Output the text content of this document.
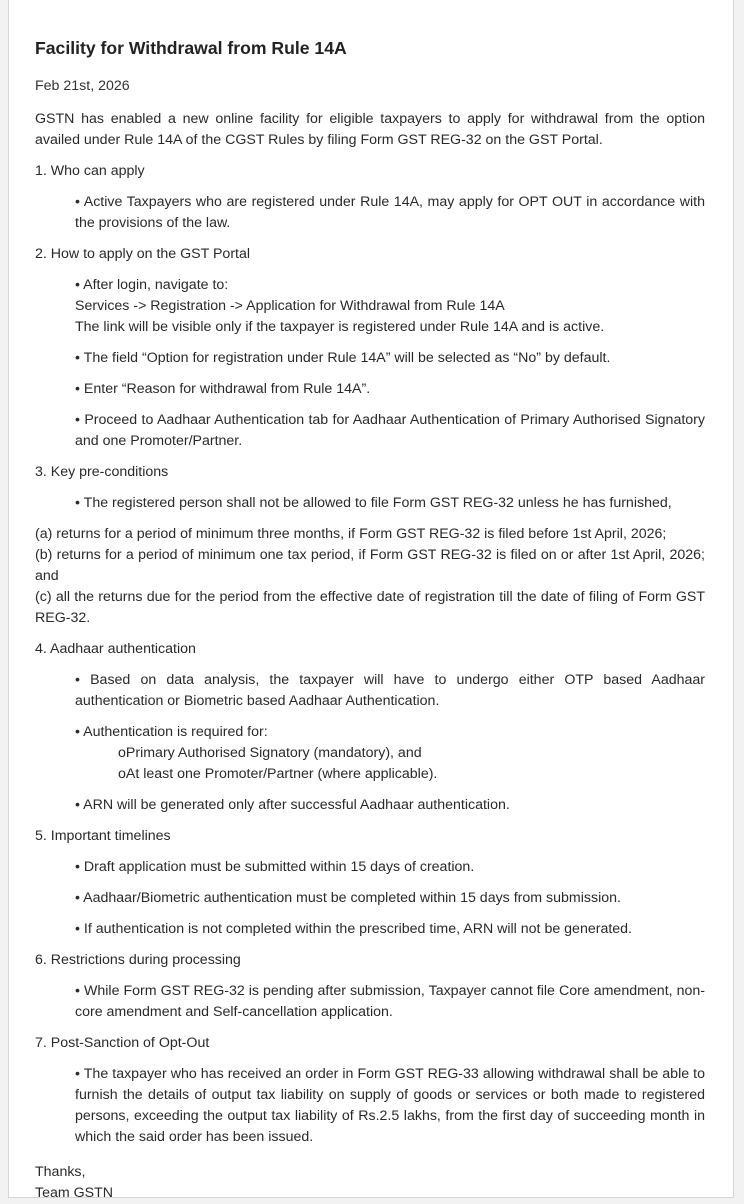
Facility for Withdrawal from Rule 14A

Feb 21st, 2026

GSTN has enabled a new online facility for eligible taxpayers to apply for withdrawal from the option availed under Rule 14A of the CGST Rules by filing Form GST REG-32 on the GST Portal.

1. Who can apply

• Active Taxpayers who are registered under Rule 14A, may apply for OPT OUT in accordance with the provisions of the law.

2. How to apply on the GST Portal

• After login, navigate to:
Services -> Registration -> Application for Withdrawal from Rule 14A
The link will be visible only if the taxpayer is registered under Rule 14A and is active.

• The field “Option for registration under Rule 14A” will be selected as “No” by default.

• Enter “Reason for withdrawal from Rule 14A”.

• Proceed to Aadhaar Authentication tab for Aadhaar Authentication of Primary Authorised Signatory and one Promoter/Partner.

3. Key pre-conditions

• The registered person shall not be allowed to file Form GST REG-32 unless he has furnished,

(a) returns for a period of minimum three months, if Form GST REG-32 is filed before 1st April, 2026;

(b) returns for a period of minimum one tax period, if Form GST REG-32 is filed on or after 1st April, 2026; and

(c) all the returns due for the period from the effective date of registration till the date of filing of Form GST REG-32.

4. Aadhaar authentication

• Based on data analysis, the taxpayer will have to undergo either OTP based Aadhaar authentication or Biometric based Aadhaar Authentication.

• Authentication is required for:
oPrimary Authorised Signatory (mandatory), and
oAt least one Promoter/Partner (where applicable).

• ARN will be generated only after successful Aadhaar authentication.

5. Important timelines

• Draft application must be submitted within 15 days of creation.

• Aadhaar/Biometric authentication must be completed within 15 days from submission.

• If authentication is not completed within the prescribed time, ARN will not be generated.

6. Restrictions during processing

• While Form GST REG-32 is pending after submission, Taxpayer cannot file Core amendment, non-core amendment and Self-cancellation application.

7. Post-Sanction of Opt-Out

• The taxpayer who has received an order in Form GST REG-33 allowing withdrawal shall be able to furnish the details of output tax liability on supply of goods or services or both made to registered persons, exceeding the output tax liability of Rs.2.5 lakhs, from the first day of succeeding month in which the said order has been issued.

Thanks,

Team GSTN
